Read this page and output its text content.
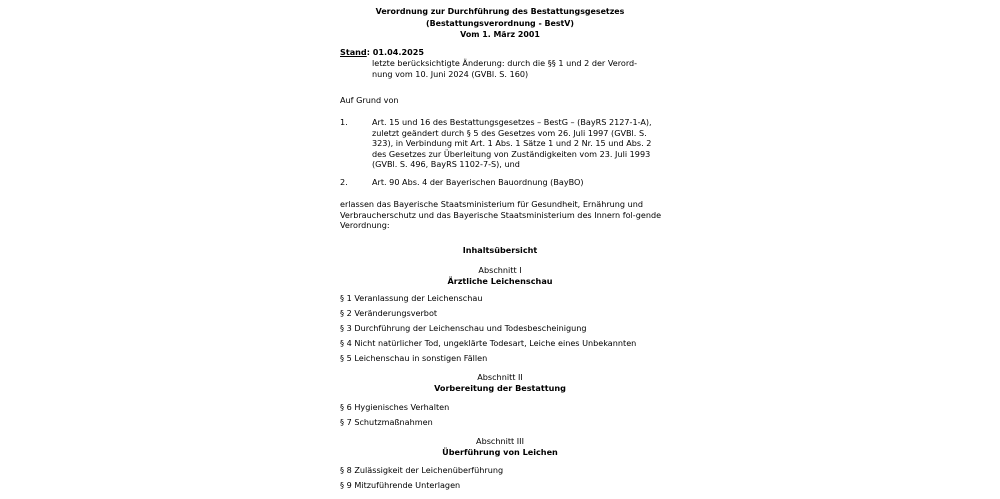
Verordnung zur Durchführung des Bestattungsgesetzes
(Bestattungsverordnung - BestV)
Vom 1. März 2001
Stand: 01.04.2025
letzte berücksichtigte Änderung: durch die §§ 1 und 2 der Verord-
nung vom 10. Juni 2024 (GVBl. S. 160)
Auf Grund von
1.	Art. 15 und 16 des Bestattungsgesetzes – BestG – (BayRS 2127-1-A), zuletzt geändert durch § 5 des Gesetzes vom 26. Juli 1997 (GVBl. S. 323), in Verbindung mit Art. 1 Abs. 1 Sätze 1 und 2 Nr. 15 und Abs. 2 des Gesetzes zur Überleitung von Zuständigkeiten vom 23. Juli 1993 (GVBl. S. 496, BayRS 1102-7-S), und
2.	Art. 90 Abs. 4 der Bayerischen Bauordnung (BayBO)
erlassen das Bayerische Staatsministerium für Gesundheit, Ernährung und Verbraucherschutz und das Bayerische Staatsministerium des Innern fol-gende Verordnung:
Inhaltsübersicht
Abschnitt I
Ärztliche Leichenschau
§ 1 Veranlassung der Leichenschau
§ 2 Veränderungsverbot
§ 3 Durchführung der Leichenschau und Todesbescheinigung
§ 4 Nicht natürlicher Tod, ungeklärte Todesart, Leiche eines Unbekannten
§ 5 Leichenschau in sonstigen Fällen
Abschnitt II
Vorbereitung der Bestattung
§ 6 Hygienisches Verhalten
§ 7 Schutzmaßnahmen
Abschnitt III
Überführung von Leichen
§ 8 Zulässigkeit der Leichenüberführung
§ 9 Mitzuführende Unterlagen
